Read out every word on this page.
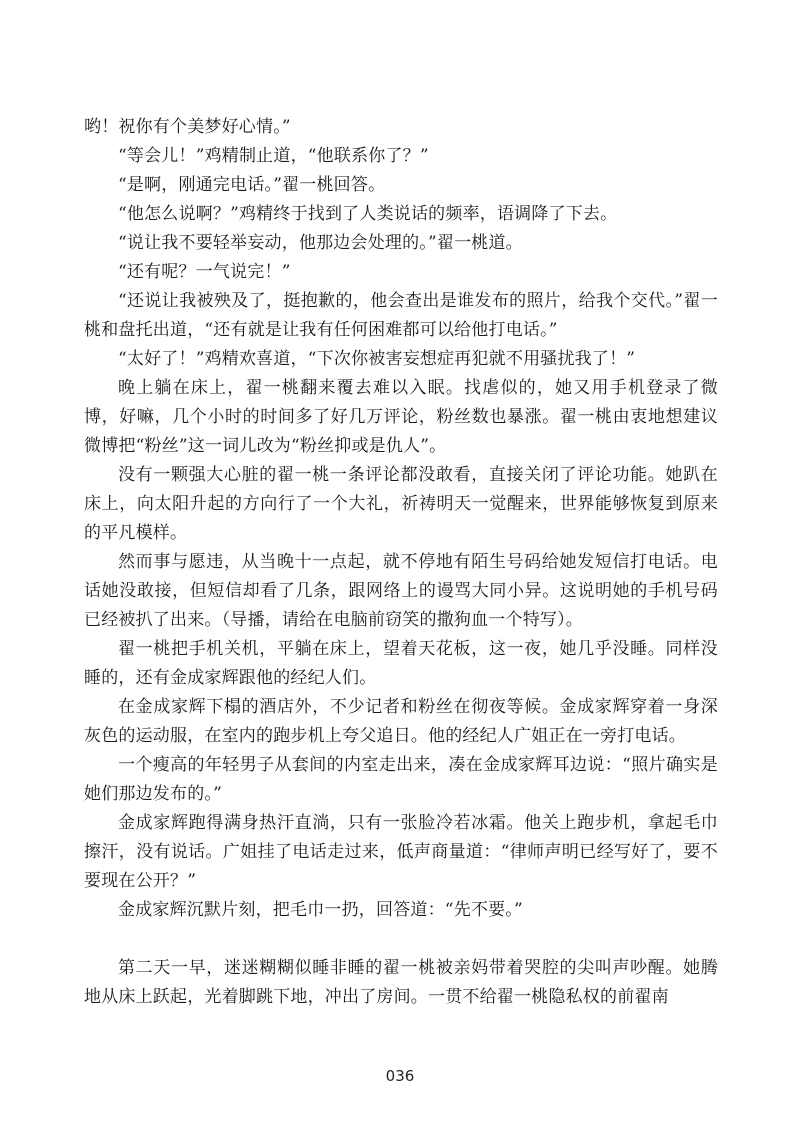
哟！祝你有个美梦好心情。”

“等会儿！”鸡精制止道，“他联系你了？”

“是啊，刚通完电话。”翟一桃回答。

“他怎么说啊？”鸡精终于找到了人类说话的频率，语调降了下去。

“说让我不要轻举妄动，他那边会处理的。”翟一桃道。

“还有呢？一气说完！”

“还说让我被殃及了，挺抱歉的，他会查出是谁发布的照片，给我个交代。”翟一桃和盘托出道，“还有就是让我有任何困难都可以给他打电话。”

“太好了！”鸡精欢喜道，“下次你被害妄想症再犯就不用骚扰我了！”

晚上躺在床上，翟一桃翻来覆去难以入眠。找虐似的，她又用手机登录了微博，好嘛，几个小时的时间多了好几万评论，粉丝数也暴涨。翟一桃由衷地想建议微博把“粉丝”这一词儿改为“粉丝抑或是仇人”。

没有一颗强大心脏的翟一桃一条评论都没敢看，直接关闭了评论功能。她趴在床上，向太阳升起的方向行了一个大礼，祈祷明天一觉醒来，世界能够恢复到原来的平凡模样。

然而事与愿违，从当晚十一点起，就不停地有陌生号码给她发短信打电话。电话她没敢接，但短信却看了几条，跟网络上的谩骂大同小异。这说明她的手机号码已经被扒了出来。（导播，请给在电脑前窃笑的撒狗血一个特写）。

翟一桃把手机关机，平躺在床上，望着天花板，这一夜，她几乎没睡。同样没睡的，还有金成家辉跟他的经纪人们。

在金成家辉下榻的酒店外，不少记者和粉丝在彻夜等候。金成家辉穿着一身深灰色的运动服，在室内的跑步机上夸父追日。他的经纪人广姐正在一旁打电话。

一个瘦高的年轻男子从套间的内室走出来，凑在金成家辉耳边说：“照片确实是她们那边发布的。”

金成家辉跑得满身热汗直淌，只有一张脸冷若冰霜。他关上跑步机，拿起毛巾擦汗，没有说话。广姐挂了电话走过来，低声商量道：“律师声明已经写好了，要不要现在公开？”

金成家辉沉默片刻，把毛巾一扔，回答道：“先不要。”

第二天一早，迷迷糊糊似睡非睡的翟一桃被亲妈带着哭腔的尖叫声吵醒。她腾地从床上跃起，光着脚跳下地，冲出了房间。一贯不给翟一桃隐私权的前翟南

036
